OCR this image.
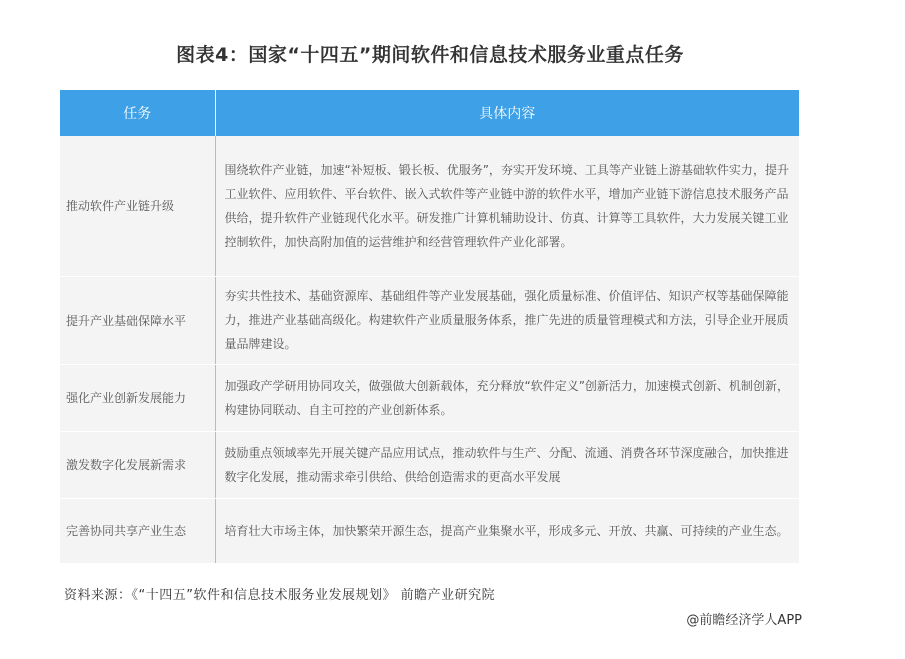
图表4：国家“十四五”期间软件和信息技术服务业重点任务
任务	具体内容
推动软件产业链升级	围绕软件产业链，加速“补短板、锻长板、优服务”，夯实开发环境、工具等产业链上游基础软件实力，提升工业软件、应用软件、平台软件、嵌入式软件等产业链中游的软件水平，增加产业链下游信息技术服务产品供给，提升软件产业链现代化水平。研发推广计算机辅助设计、仿真、计算等工具软件，大力发展关键工业控制软件，加快高附加值的运营维护和经营管理软件产业化部署。
提升产业基础保障水平	夯实共性技术、基础资源库、基础组件等产业发展基础，强化质量标准、价值评估、知识产权等基础保障能力，推进产业基础高级化。构建软件产业质量服务体系，推广先进的质量管理模式和方法，引导企业开展质量品牌建设。
强化产业创新发展能力	加强政产学研用协同攻关，做强做大创新载体，充分释放“软件定义”创新活力，加速模式创新、机制创新，构建协同联动、自主可控的产业创新体系。
激发数字化发展新需求	鼓励重点领域率先开展关键产品应用试点，推动软件与生产、分配、流通、消费各环节深度融合，加快推进数字化发展，推动需求牵引供给、供给创造需求的更高水平发展
完善协同共享产业生态	培育壮大市场主体，加快繁荣开源生态，提高产业集聚水平，形成多元、开放、共赢、可持续的产业生态。
资料来源：《“十四五”软件和信息技术服务业发展规划》 前瞻产业研究院
@前瞻经济学人APP
